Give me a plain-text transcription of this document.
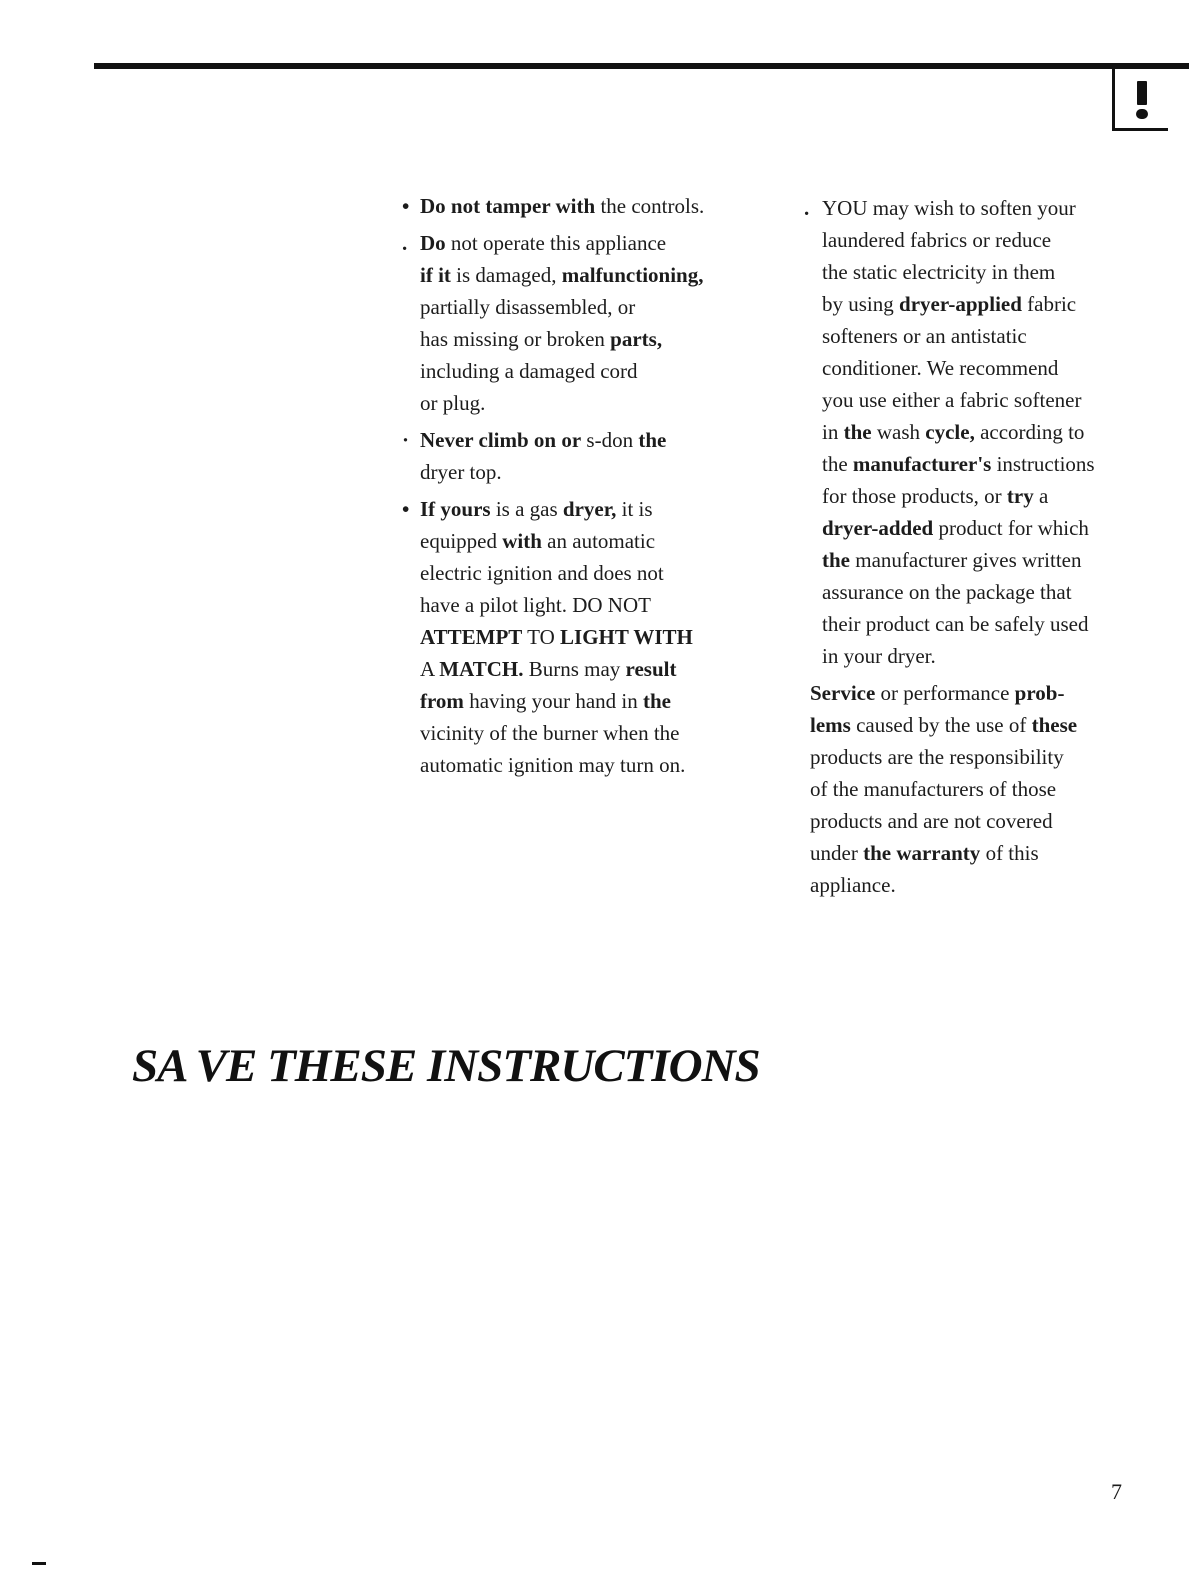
• Do not tamper with the controls.
. Do not operate this appliance
if it is damaged, malfunctioning,
partially disassembled, or
has missing or broken parts,
including a damaged cord
or plug.
· Never climb on or s-don the
dryer top.
• If yours is a gas dryer, it is
equipped with an automatic
electric ignition and does not
have a pilot light. DO NOT
ATTEMPT TO LIGHT WITH
A MATCH. Burns may result
from having your hand in the
vicinity of the burner when the
automatic ignition may turn on.
. YOU may wish to soften your
laundered fabrics or reduce
the static electricity in them
by using dryer-applied fabric
softeners or an antistatic
conditioner. We recommend
you use either a fabric softener
in the wash cycle, according to
the manufacturer's instructions
for those products, or try a
dryer-added product for which
the manufacturer gives written
assurance on the package that
their product can be safely used
in your dryer.
Service or performance prob-
lems caused by the use of these
products are the responsibility
of the manufacturers of those
products and are not covered
under the warranty of this
appliance.
SA VE THESE INSTRUCTIONS
7
